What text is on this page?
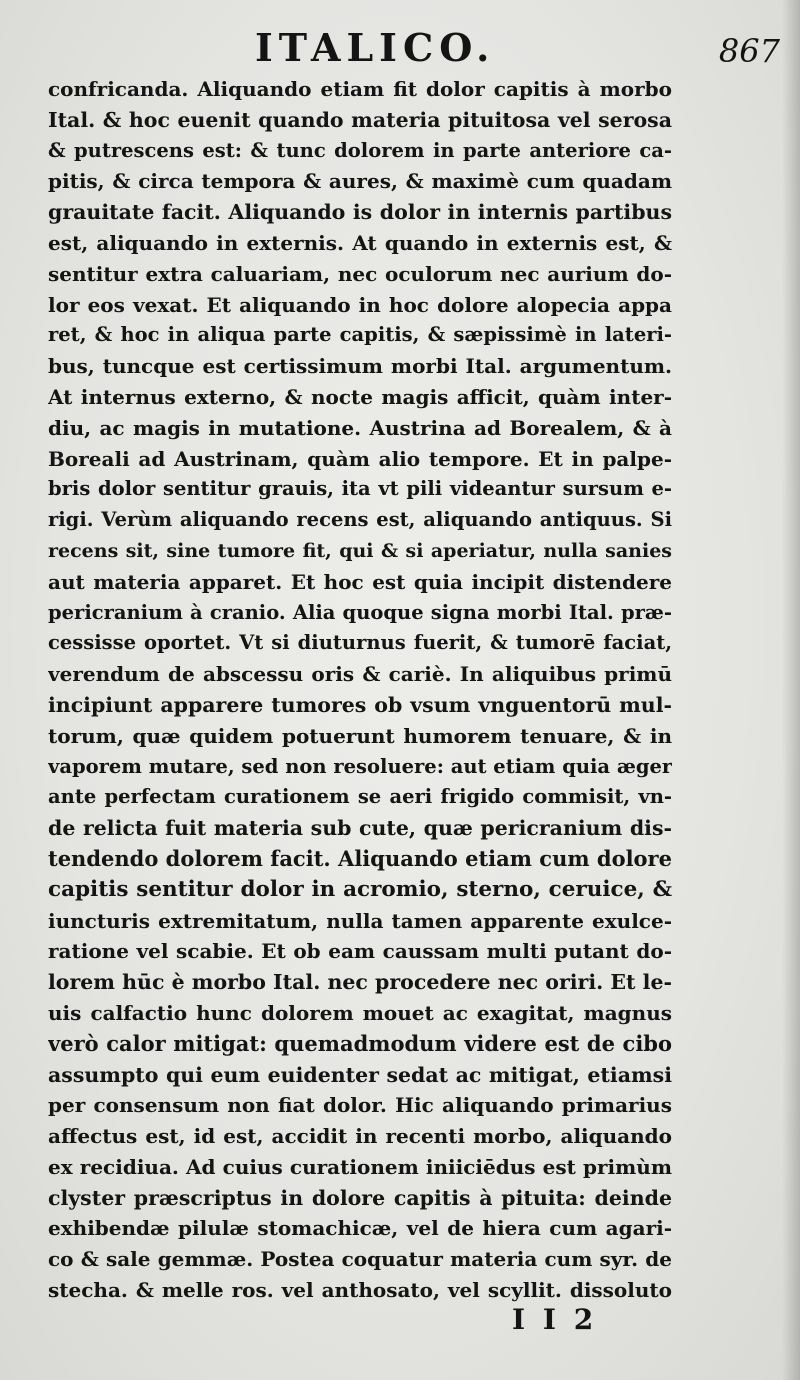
ITALICO.	867
confricanda. Aliquando etiam fit dolor capitis à morbo
Ital. & hoc euenit quando materia pituitosa vel serosa
& putrescens est: & tunc dolorem in parte anteriore ca-
pitis, & circa tempora & aures, & maximè cum quadam
grauitate facit. Aliquando is dolor in internis partibus
est, aliquando in externis. At quando in externis est, &
sentitur extra caluariam, nec oculorum nec aurium do-
lor eos vexat. Et aliquando in hoc dolore alopecia appa
ret, & hoc in aliqua parte capitis, & sæpissimè in lateri-
bus, tuncque est certissimum morbi Ital. argumentum.
At internus externo, & nocte magis afficit, quàm inter-
diu, ac magis in mutatione. Austrina ad Borealem, & à
Boreali ad Austrinam, quàm alio tempore. Et in palpe-
bris dolor sentitur grauis, ita vt pili videantur sursum e-
rigi. Verùm aliquando recens est, aliquando antiquus. Si
recens sit, sine tumore fit, qui & si aperiatur, nulla sanies
aut materia apparet. Et hoc est quia incipit distendere
pericranium à cranio. Alia quoque signa morbi Ital. præ-
cessisse oportet. Vt si diuturnus fuerit, & tumorē faciat,
verendum de abscessu oris & cariè. In aliquibus primū
incipiunt apparere tumores ob vsum vnguentorū mul-
torum, quæ quidem potuerunt humorem tenuare, & in
vaporem mutare, sed non resoluere: aut etiam quia æger
ante perfectam curationem se aeri frigido commisit, vn-
de relicta fuit materia sub cute, quæ pericranium dis-
tendendo dolorem facit. Aliquando etiam cum dolore
capitis sentitur dolor in acromio, sterno, ceruice, &
iuncturis extremitatum, nulla tamen apparente exulce-
ratione vel scabie. Et ob eam caussam multi putant do-
lorem hūc è morbo Ital. nec procedere nec oriri. Et le-
uis calfactio hunc dolorem mouet ac exagitat, magnus
verò calor mitigat: quemadmodum videre est de cibo
assumpto qui eum euidenter sedat ac mitigat, etiamsi
per consensum non fiat dolor. Hic aliquando primarius
affectus est, id est, accidit in recenti morbo, aliquando
ex recidiua. Ad cuius curationem iniiciēdus est primùm
clyster præscriptus in dolore capitis à pituita: deinde
exhibendæ pilulæ stomachicæ, vel de hiera cum agari-
co & sale gemmæ. Postea coquatur materia cum syr. de
stecha. & melle ros. vel anthosato, vel scyllit. dissoluto
I I 2
